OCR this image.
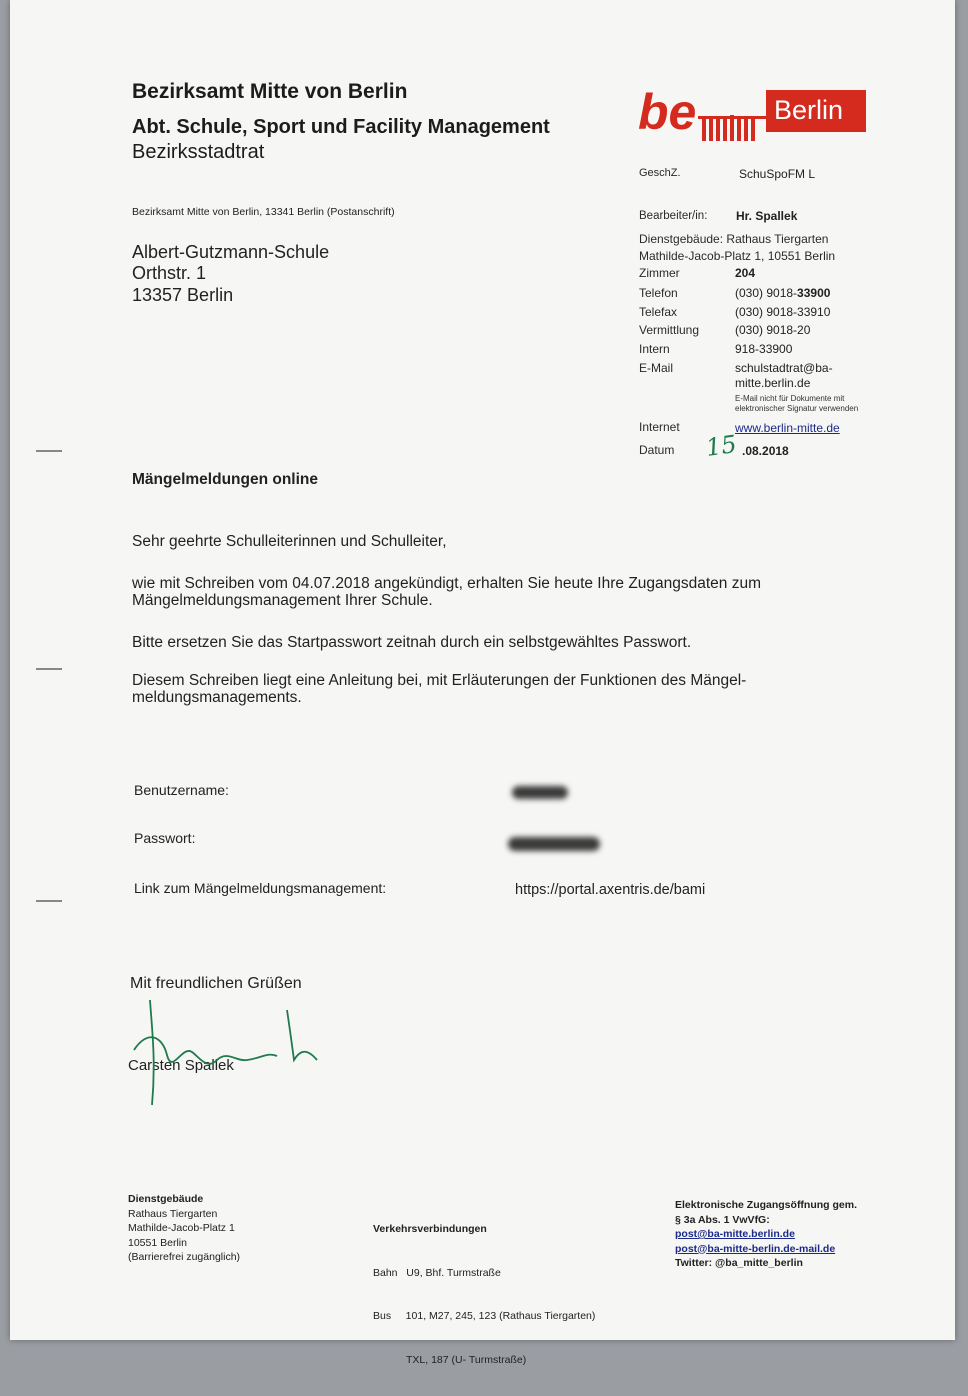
Bezirksamt Mitte von Berlin
Abt. Schule, Sport und Facility Management
Bezirksstadtrat
Bezirksamt Mitte von Berlin, 13341 Berlin (Postanschrift)
be	Berlin
GeschZ.	SchuSpoFM L
Bearbeiter/in: Hr. Spallek
Dienstgebäude: Rathaus Tiergarten
Mathilde-Jacob-Platz 1, 10551 Berlin
Zimmer	204
Telefon	(030) 9018-33900
Telefax	(030) 9018-33910
Vermittlung	(030) 9018-20
Intern	918-33900
E-Mail	schulstadtrat@ba-
mitte.berlin.de
E-Mail nicht für Dokumente mit
elektronischer Signatur verwenden
Internet	www.berlin-mitte.de
Datum 15 .08.2018
Albert-Gutzmann-Schule
Orthstr. 1
13357 Berlin
Mängelmeldungen online
Sehr geehrte Schulleiterinnen und Schulleiter,
wie mit Schreiben vom 04.07.2018 angekündigt, erhalten Sie heute Ihre Zugangsdaten zum
Mängelmeldungsmanagement Ihrer Schule.
Bitte ersetzen Sie das Startpasswort zeitnah durch ein selbstgewähltes Passwort.
Diesem Schreiben liegt eine Anleitung bei, mit Erläuterungen der Funktionen des Mängel-
meldungsmanagements.
Benutzername:
Passwort:
Link zum Mängelmeldungsmanagement:	https://portal.axentris.de/bami
Mit freundlichen Grüßen
Carsten Spallek
Dienstgebäude
Rathaus Tiergarten
Mathilde-Jacob-Platz 1
10551 Berlin
(Barrierefrei zugänglich)

Verkehrsverbindungen

Bahn   U9, Bhf. Turmstraße

Bus     101, M27, 245, 123 (Rathaus Tiergarten)

TXL, 187 (U- Turmstraße)

Elektronische Zugangsöffnung gem.
§ 3a Abs. 1 VwVfG:
post@ba-mitte.berlin.de
post@ba-mitte-berlin.de-mail.de
Twitter: @ba_mitte_berlin
